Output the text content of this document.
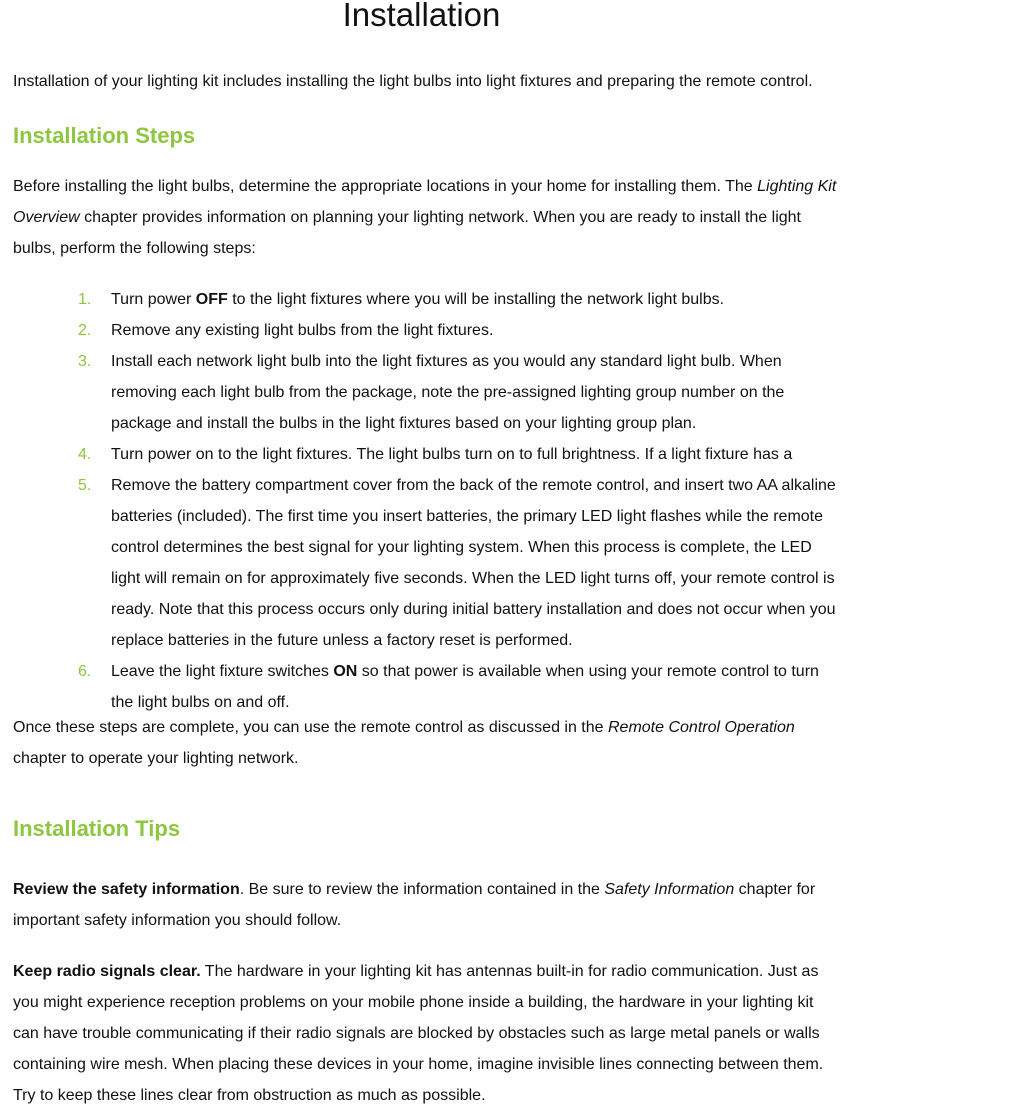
Installation

Installation of your lighting kit includes installing the light bulbs into light fixtures and preparing the remote control.

Installation Steps

Before installing the light bulbs, determine the appropriate locations in your home for installing them. The Lighting Kit Overview chapter provides information on planning your lighting network. When you are ready to install the light bulbs, perform the following steps:

1.	Turn power OFF to the light fixtures where you will be installing the network light bulbs.
2.	Remove any existing light bulbs from the light fixtures.
3.	Install each network light bulb into the light fixtures as you would any standard light bulb. When removing each light bulb from the package, note the pre-assigned lighting group number on the package and install the bulbs in the light fixtures based on your lighting group plan.
4.	Turn power on to the light fixtures. The light bulbs turn on to full brightness. If a light fixture has a
5.	Remove the battery compartment cover from the back of the remote control, and insert two AA alkaline batteries (included). The first time you insert batteries, the primary LED light flashes while the remote control determines the best signal for your lighting system. When this process is complete, the LED light will remain on for approximately five seconds. When the LED light turns off, your remote control is ready. Note that this process occurs only during initial battery installation and does not occur when you replace batteries in the future unless a factory reset is performed.
6.	Leave the light fixture switches ON so that power is available when using your remote control to turn the light bulbs on and off.

Once these steps are complete, you can use the remote control as discussed in the Remote Control Operation chapter to operate your lighting network.

Installation Tips

Review the safety information. Be sure to review the information contained in the Safety Information chapter for important safety information you should follow.

Keep radio signals clear. The hardware in your lighting kit has antennas built-in for radio communication. Just as you might experience reception problems on your mobile phone inside a building, the hardware in your lighting kit can have trouble communicating if their radio signals are blocked by obstacles such as large metal panels or walls containing wire mesh. When placing these devices in your home, imagine invisible lines connecting between them. Try to keep these lines clear from obstruction as much as possible.
